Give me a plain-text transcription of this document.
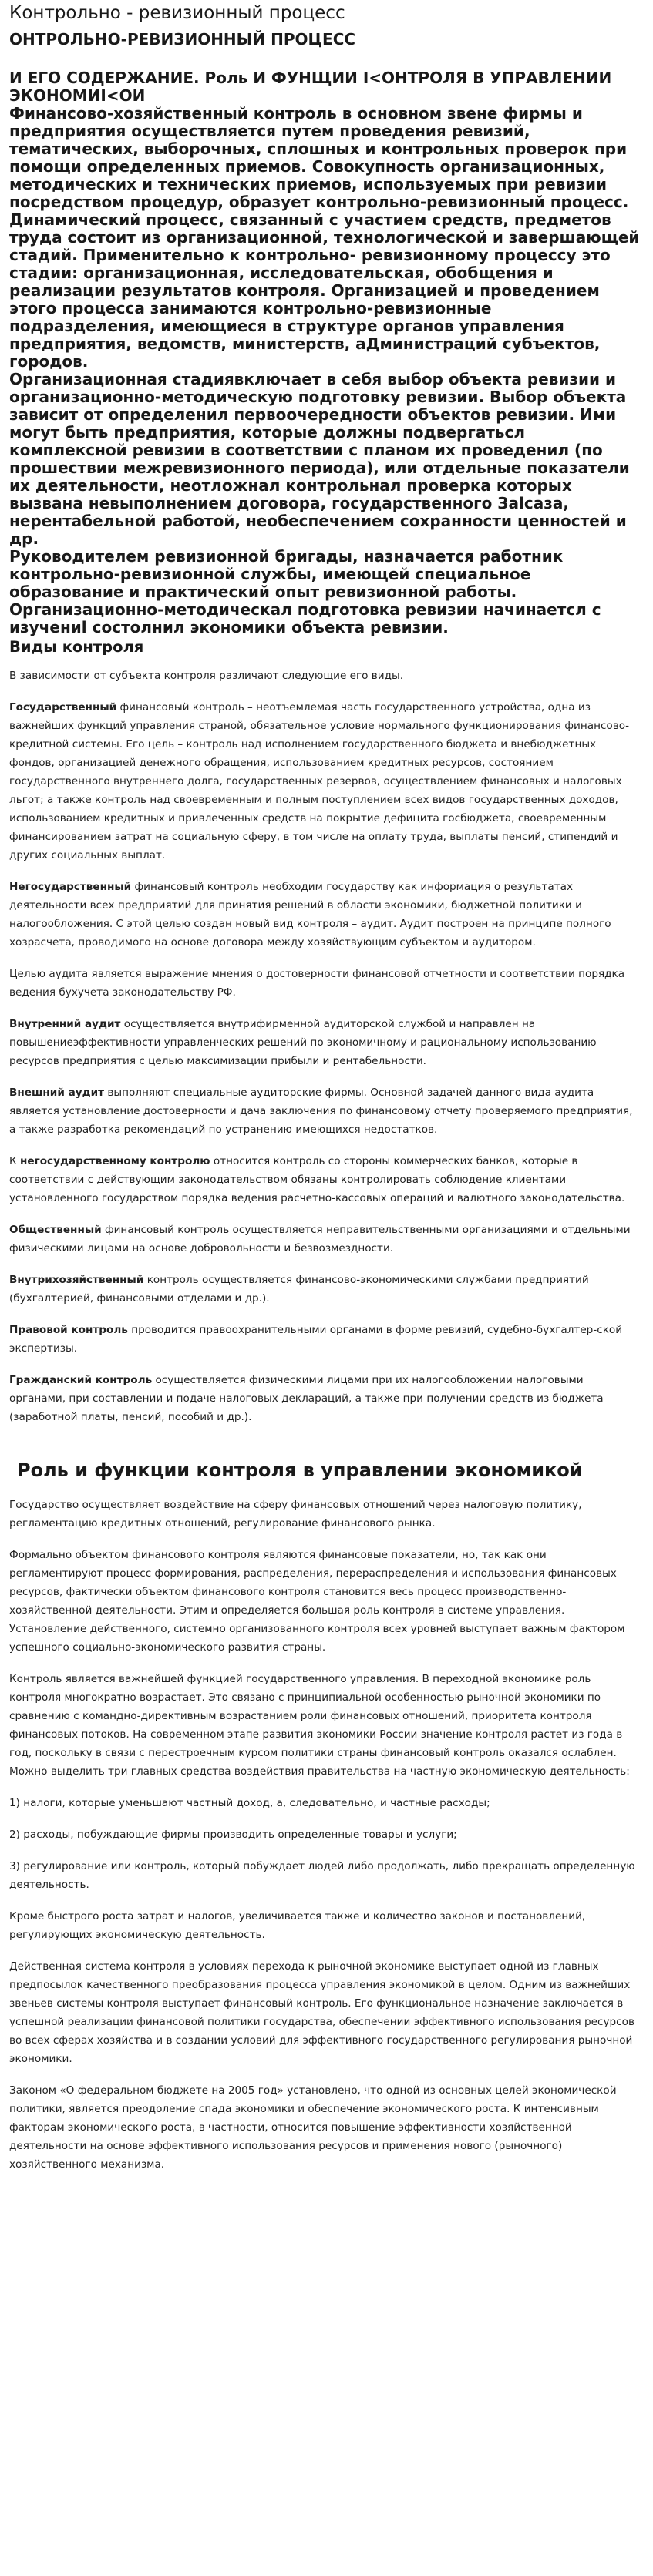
Контрольно - ревизионный процесс
ОНТРОЛЬНО-РЕВИЗИОННЫЙ ПРОЦЕСС

И ЕГО СОДЕРЖАНИЕ. Роль И ФУНЩИИ I<ОНТРОЛЯ В УПРАВЛЕНИИ ЭКОНОМИI<ОИ

Финансово-хозяйственный контроль в основном звене фирмы и предприятия осуществляется путем проведения ревизий, тематических, выборочных, сплошных и контрольных проверок при помощи определенных приемов. Совокупность организационных, методических и технических приемов, используемых при ревизии посредством процедур, образует контрольно-ревизионный процесс. Динамический процесс, связанный с участием средств, предметов труда состоит из организационной, технологической и завершающей стадий. Применительно к контрольно- ревизионному процессу это стадии: организационная, исследовательская, обобщения и реализации результатов контроля. Организацией и проведением этого процесса занимаются контрольно-ревизионные подразделения, имеющиеся в структуре органов управления предприятия, ведомств, министерств, aДминистраций субъектов, городов.

Организационная стадиявключает в себя выбор объекта ревизии и организационно-методическую подготовку ревизии. Выбор объекта зависит от определенил первоочередности объектов ревизии. Ими могут быть предприятия, которые должны подвергатьсл комплексной ревизии в соответствии с планом их проведенил (по прошествии межревизионного периода), или отдельные показатели их деятельности, неотложнал контрольнал проверка которых вызвана невыполнением договора, государственного Заlсаза, нерентабельной работой, необеспечением сохранности ценностей и др.

Руководителем ревизионной бригады, назначается работник контрольно-ревизионной службы, имеющей специальное образование и практический опыт ревизионной работы. Организационно-методическал подготовка ревизии начинаетсл с изучениl состолнил экономики объекта ревизии.

Виды контроля

В зависимости от субъекта контроля различают следующие его виды.

Государственный финансовый контроль – неотъемлемая часть государственного устройства, одна из важнейших функций управления страной, обязательное условие нормального функционирования финансово-кредитной системы. Его цель – контроль над исполнением государственного бюджета и внебюджетных фондов, организацией денежного обращения, использованием кредитных ресурсов, состоянием государственного внутреннего долга, государственных резервов, осуществлением финансовых и налоговых льгот; а также контроль над своевременным и полным поступлением всех видов государственных доходов, использованием кредитных и привлеченных средств на покрытие дефицита госбюджета, своевременным финансированием затрат на социальную сферу, в том числе на оплату труда, выплаты пенсий, стипендий и других социальных выплат.

Негосударственный финансовый контроль необходим государству как информация о результатах деятельности всех предприятий для принятия решений в области экономики, бюджетной политики и налогообложения. С этой целью создан новый вид контроля – аудит. Аудит построен на принципе полного хозрасчета, проводимого на основе договора между хозяйствующим субъектом и аудитором.

Целью аудита является выражение мнения о достоверности финансовой отчетности и соответствии порядка ведения бухучета законодательству РФ.

Внутренний аудит осуществляется внутрифирменной аудиторской службой и направлен на повышениеэффективности управленческих решений по экономичному и рациональному использованию ресурсов предприятия с целью максимизации прибыли и рентабельности.

Внешний аудит выполняют специальные аудиторские фирмы. Основной задачей данного вида аудита является установление достоверности и дача заключения по финансовому отчету проверяемого предприятия, а также разработка рекомендаций по устранению имеющихся недостатков.

К негосударственному контролю относится контроль со стороны коммерческих банков, которые в соответствии с действующим законодательством обязаны контролировать соблюдение клиентами установленного государством порядка ведения расчетно-кассовых операций и валютного законодательства.

Общественный финансовый контроль осуществляется неправительственными организациями и отдельными физическими лицами на основе добровольности и безвозмездности.

Внутрихозяйственный контроль осуществляется финансово-экономическими службами предприятий (бухгалтерией, финансовыми отделами и др.).

Правовой контроль проводится правоохранительными органами в форме ревизий, судебно-бухгалтер-ской экспертизы.

Гражданский контроль осуществляется физическими лицами при их налогообложении налоговыми органами, при составлении и подаче налоговых деклараций, а также при получении средств из бюджета (заработной платы, пенсий, пособий и др.).

Роль и функции контроля в управлении экономикой

Государство осуществляет воздействие на сферу финансовых отношений через налоговую политику, регламентацию кредитных отношений, регулирование финансового рынка.

Формально объектом финансового контроля являются финансовые показатели, но, так как они регламентируют процесс формирования, распределения, перераспределения и использования финансовых ресурсов, фактически объектом финансового контроля становится весь процесс производственно-хозяйственной деятельности. Этим и определяется большая роль контроля в системе управления. Установление действенного, системно организованного контроля всех уровней выступает важным фактором успешного социально-экономического развития страны.

Контроль является важнейшей функцией государственного управления. В переходной экономике роль контроля многократно возрастает. Это связано с принципиальной особенностью рыночной экономики по сравнению с командно-директивным возрастанием роли финансовых отношений, приоритета контроля финансовых потоков. На современном этапе развития экономики России значение контроля растет из года в год, поскольку в связи с перестроечным курсом политики страны финансовый контроль оказался ослаблен. Можно выделить три главных средства воздействия правительства на частную экономическую деятельность:

1) налоги, которые уменьшают частный доход, а, следовательно, и частные расходы;

2) расходы, побуждающие фирмы производить определенные товары и услуги;

3) регулирование или контроль, который побуждает людей либо продолжать, либо прекращать определенную деятельность.

Кроме быстрого роста затрат и налогов, увеличивается также и количество законов и постановлений, регулирующих экономическую деятельность.

Действенная система контроля в условиях перехода к рыночной экономике выступает одной из главных предпосылок качественного преобразования процесса управления экономикой в целом. Одним из важнейших звеньев системы контроля выступает финансовый контроль. Его функциональное назначение заключается в успешной реализации финансовой политики государства, обеспечении эффективного использования ресурсов во всех сферах хозяйства и в создании условий для эффективного государственного регулирования рыночной экономики.

Законом «О федеральном бюджете на 2005 год» установлено, что одной из основных целей экономической политики, является преодоление спада экономики и обеспечение экономического роста. К интенсивным факторам экономического роста, в частности, относится повышение эффективности хозяйственной деятельности на основе эффективного использования ресурсов и применения нового (рыночного) хозяйственного механизма.
